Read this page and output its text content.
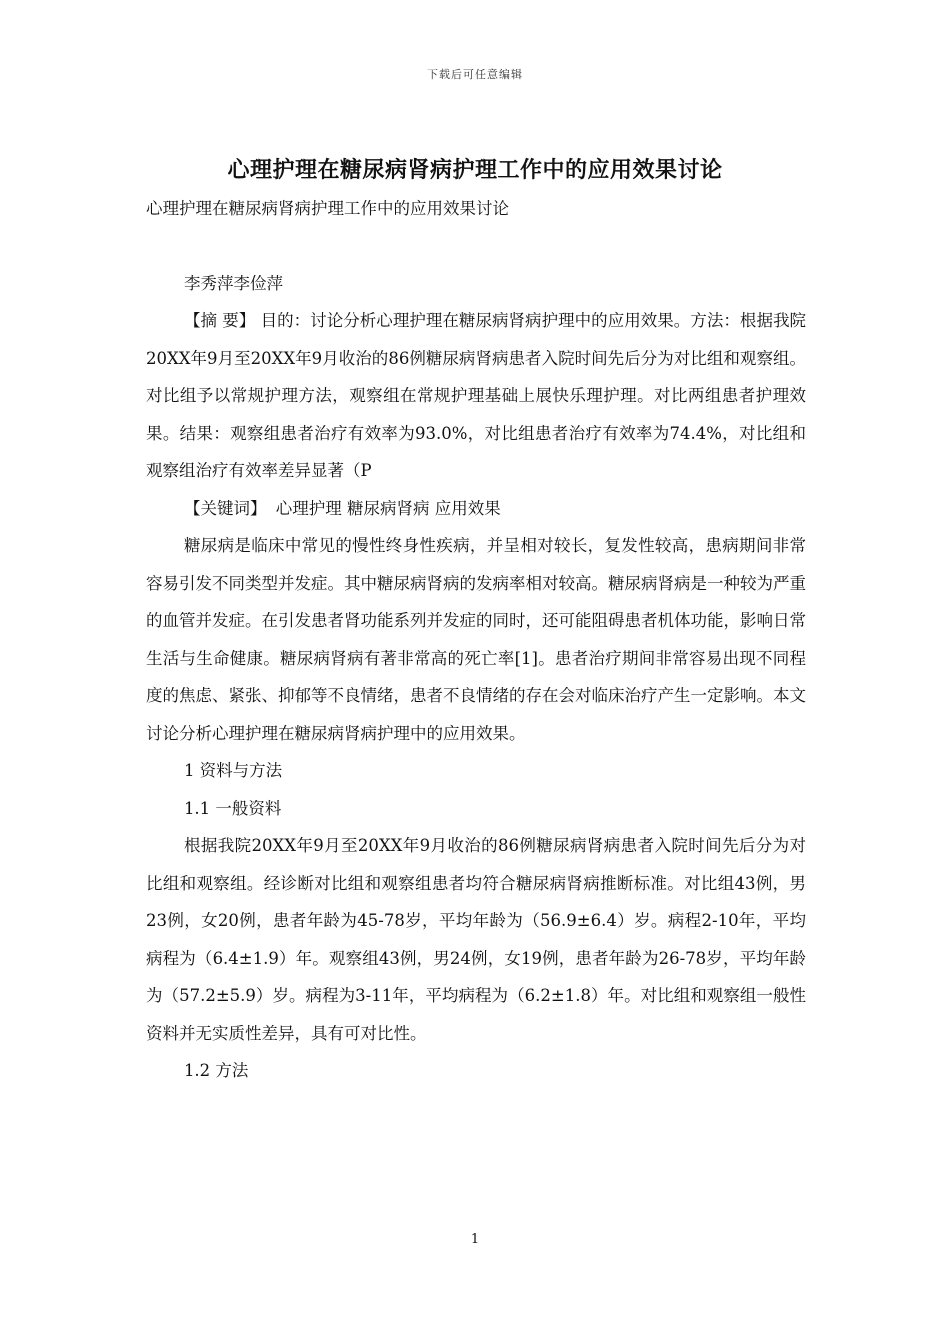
下载后可任意编辑
心理护理在糖尿病肾病护理工作中的应用效果讨论

心理护理在糖尿病肾病护理工作中的应用效果讨论

李秀萍李俭萍

【摘 要】 目的：讨论分析心理护理在糖尿病肾病护理中的应用效果。方法：根据我院20XX年9月至20XX年9月收治的86例糖尿病肾病患者入院时间先后分为对比组和观察组。对比组予以常规护理方法，观察组在常规护理基础上展快乐理护理。对比两组患者护理效果。结果：观察组患者治疗有效率为93.0%，对比组患者治疗有效率为74.4%，对比组和观察组治疗有效率差异显著（P

【关键词】 心理护理 糖尿病肾病 应用效果

糖尿病是临床中常见的慢性终身性疾病，并呈相对较长，复发性较高，患病期间非常容易引发不同类型并发症。其中糖尿病肾病的发病率相对较高。糖尿病肾病是一种较为严重的血管并发症。在引发患者肾功能系列并发症的同时，还可能阻碍患者机体功能，影响日常生活与生命健康。糖尿病肾病有著非常高的死亡率[1]。患者治疗期间非常容易出现不同程度的焦虑、紧张、抑郁等不良情绪，患者不良情绪的存在会对临床治疗产生一定影响。本文讨论分析心理护理在糖尿病肾病护理中的应用效果。

1 资料与方法

1.1 一般资料

根据我院20XX年9月至20XX年9月收治的86例糖尿病肾病患者入院时间先后分为对比组和观察组。经诊断对比组和观察组患者均符合糖尿病肾病推断标准。对比组43例，男23例，女20例，患者年龄为45-78岁，平均年龄为（56.9±6.4）岁。病程2-10年，平均病程为（6.4±1.9）年。观察组43例，男24例，女19例，患者年龄为26-78岁，平均年龄为（57.2±5.9）岁。病程为3-11年，平均病程为（6.2±1.8）年。对比组和观察组一般性资料并无实质性差异，具有可对比性。

1.2 方法

1
